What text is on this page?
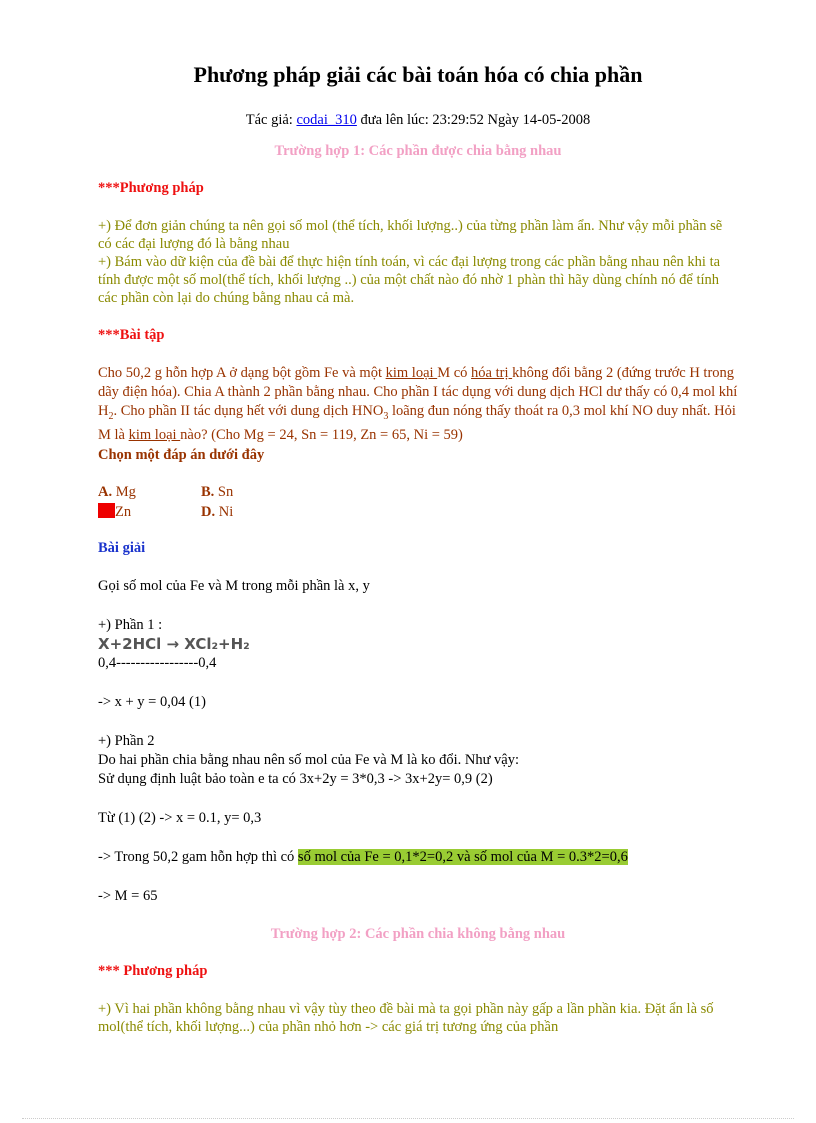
Phương pháp giải các bài toán hóa có chia phần

Tác giả: codai_310 đưa lên lúc: 23:29:52 Ngày 14-05-2008

Trường hợp 1: Các phần được chia bằng nhau

***Phương pháp

+) Để đơn giản chúng ta nên gọi số mol (thể tích, khối lượng..) của từng phần làm ẩn. Như vậy mỗi phần sẽ có các đại lượng đó là bằng nhau
+) Bám vào dữ kiện của đề bài để thực hiện tính toán, vì các đại lượng trong các phần bằng nhau nên khi ta tính được một số mol(thể tích, khối lượng ..) của một chất nào đó nhờ 1 phàn thì hãy dùng chính nó để tính các phần còn lại do chúng bằng nhau cả mà.

***Bài tập

Cho 50,2 g hỗn hợp A ở dạng bột gồm Fe và một kim loại M có hóa trị không đổi bằng 2 (đứng trước H trong dãy điện hóa). Chia A thành 2 phần bằng nhau. Cho phần I tác dụng với dung dịch HCl dư thấy có 0,4 mol khí $H_2$. Cho phần II tác dụng hết với dung dịch $HNO_3$ loãng đun nóng thấy thoát ra 0,3 mol khí NO duy nhất. Hỏi M là kim loại nào? (Cho Mg = 24, Sn = 119, Zn = 65, Ni = 59)

Chọn một đáp án dưới đây

A. Mg	B. Sn
Zn	D. Ni

Bài giải

Gọi số mol của Fe và M trong mỗi phần là x, y

+) Phần 1 :
X+2HCl → XCl₂+H₂
0,4-----------------0,4

-> x + y = 0,04 (1)

+) Phần 2
Do hai phần chia bằng nhau nên số mol của Fe và M là ko đổi. Như vậy:
Sử dụng định luật bảo toàn e ta có 3x+2y = 3*0,3 -> 3x+2y= 0,9 (2)

Từ (1) (2) -> x = 0.1, y= 0,3

-> Trong 50,2 gam hỗn hợp thì có số mol của Fe = 0,1*2=0,2 và số mol của M = 0.3*2=0,6

-> M = 65

Trường hợp 2: Các phần chia không bằng nhau

*** Phương pháp

+) Vì hai phần không bằng nhau vì vậy tùy theo đề bài mà ta gọi phần này gấp a lần phần kia. Đặt ẩn là số mol(thể tích, khối lượng...) của phần nhỏ hơn -> các giá trị tương ứng của phần
